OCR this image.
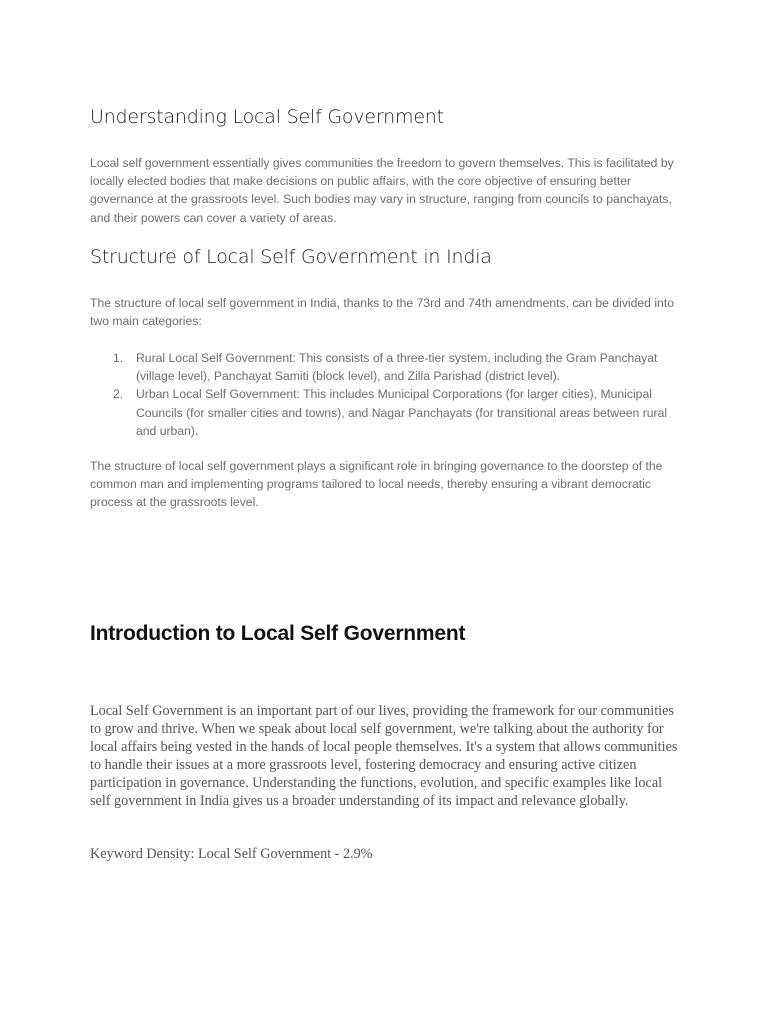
Understanding Local Self Government

Local self government essentially gives communities the freedom to govern themselves. This is facilitated by locally elected bodies that make decisions on public affairs, with the core objective of ensuring better governance at the grassroots level. Such bodies may vary in structure, ranging from councils to panchayats, and their powers can cover a variety of areas.

Structure of Local Self Government in India

The structure of local self government in India, thanks to the 73rd and 74th amendments, can be divided into two main categories:

1. Rural Local Self Government: This consists of a three-tier system, including the Gram Panchayat (village level), Panchayat Samiti (block level), and Zilla Parishad (district level).
2. Urban Local Self Government: This includes Municipal Corporations (for larger cities), Municipal Councils (for smaller cities and towns), and Nagar Panchayats (for transitional areas between rural and urban).

The structure of local self government plays a significant role in bringing governance to the doorstep of the common man and implementing programs tailored to local needs, thereby ensuring a vibrant democratic process at the grassroots level.

Introduction to Local Self Government

Local Self Government is an important part of our lives, providing the framework for our communities to grow and thrive. When we speak about local self government, we're talking about the authority for local affairs being vested in the hands of local people themselves. It's a system that allows communities to handle their issues at a more grassroots level, fostering democracy and ensuring active citizen participation in governance. Understanding the functions, evolution, and specific examples like local self government in India gives us a broader understanding of its impact and relevance globally.

Keyword Density: Local Self Government - 2.9%
